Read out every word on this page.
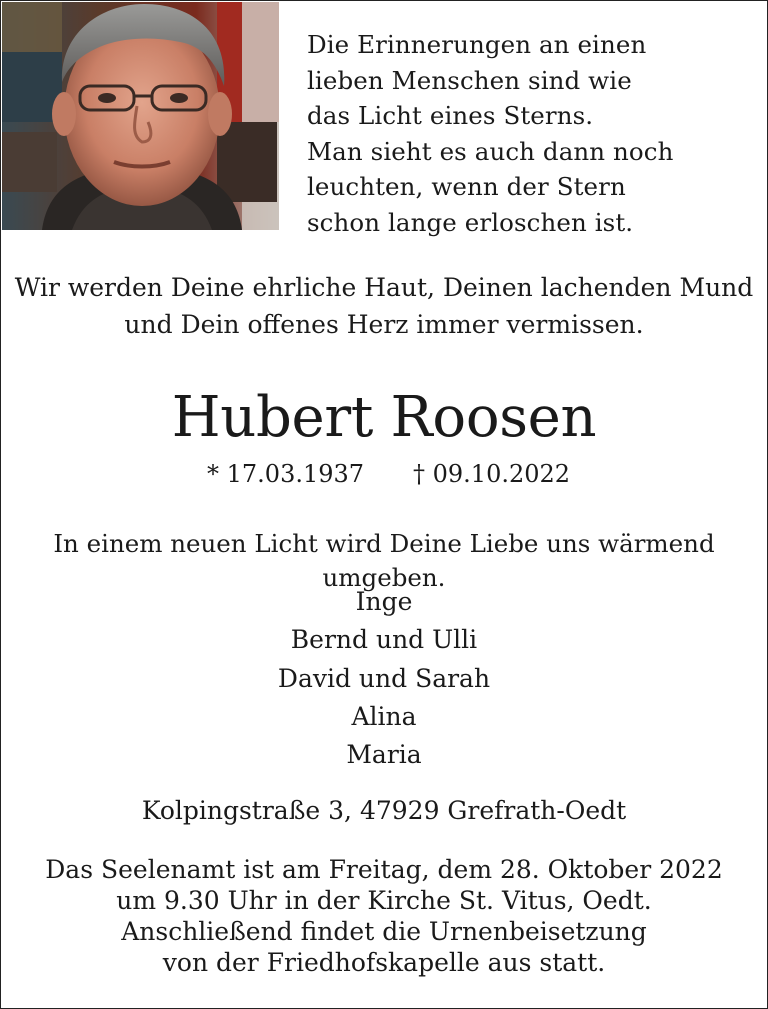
Die Erinnerungen an einen
lieben Menschen sind wie
das Licht eines Sterns.
Man sieht es auch dann noch
leuchten, wenn der Stern
schon lange erloschen ist.
Wir werden Deine ehrliche Haut, Deinen lachenden Mund
und Dein offenes Herz immer vermissen.
Hubert Roosen
* 17.03.1937 † 09.10.2022
In einem neuen Licht wird Deine Liebe uns wärmend umgeben.
Inge
Bernd und Ulli
David und Sarah
Alina
Maria
Kolpingstraße 3, 47929 Grefrath-Oedt
Das Seelenamt ist am Freitag, dem 28. Oktober 2022
um 9.30 Uhr in der Kirche St. Vitus, Oedt.
Anschließend findet die Urnenbeisetzung
von der Friedhofskapelle aus statt.
